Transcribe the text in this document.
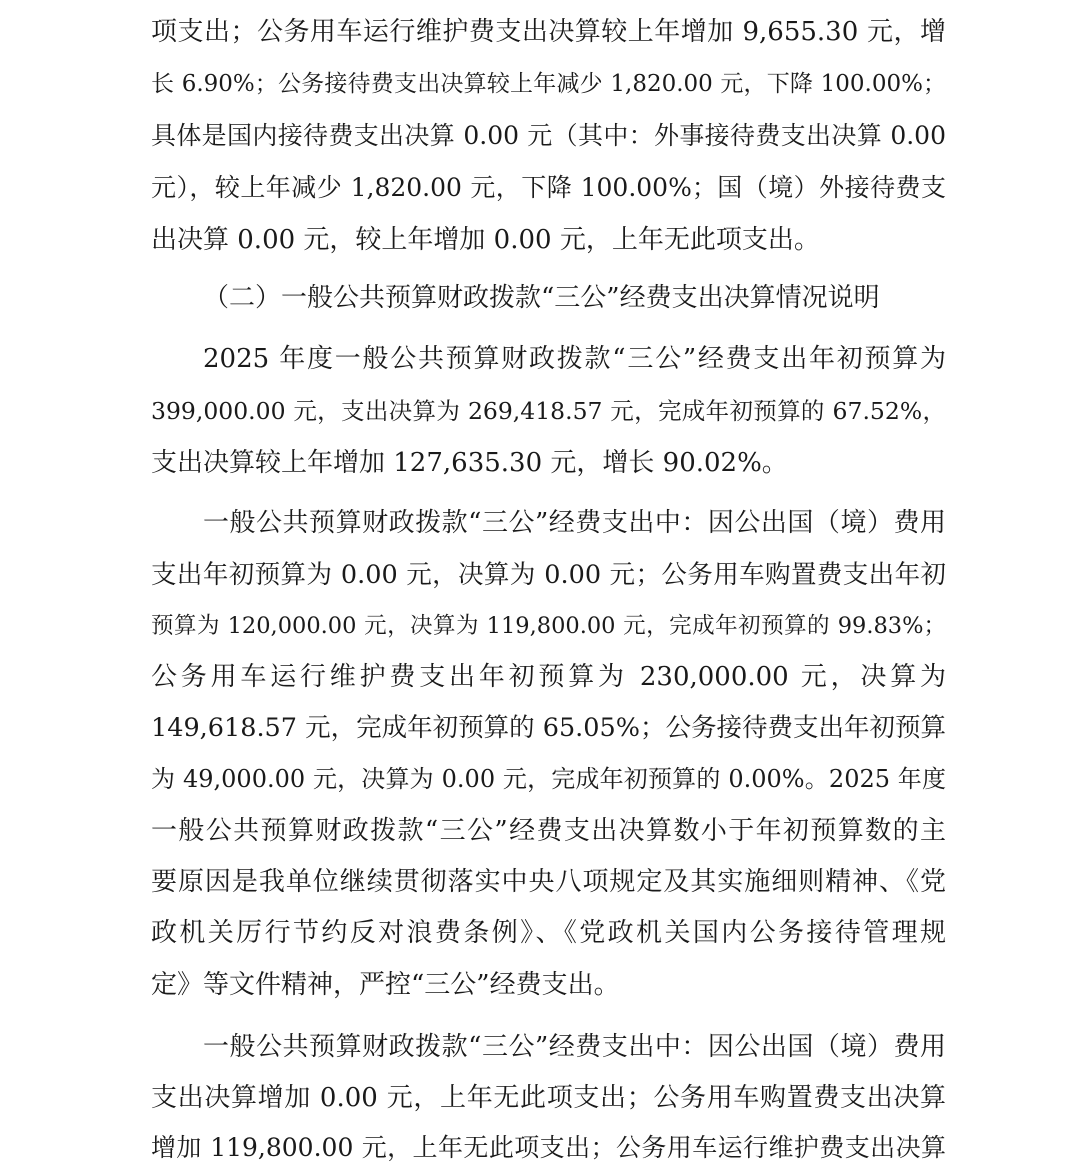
项支出；公务用车运行维护费支出决算较上年增加 9,655.30 元，增
长 6.90%；公务接待费支出决算较上年减少 1,820.00 元，下降 100.00%；
具体是国内接待费支出决算 0.00 元（其中：外事接待费支出决算 0.00
元），较上年减少 1,820.00 元，下降 100.00%；国（境）外接待费支
出决算 0.00 元，较上年增加 0.00 元，上年无此项支出。
（二）一般公共预算财政拨款“三公”经费支出决算情况说明
2025 年度一般公共预算财政拨款“三公”经费支出年初预算为
399,000.00 元，支出决算为 269,418.57 元，完成年初预算的 67.52%，
支出决算较上年增加 127,635.30 元，增长 90.02%。
一般公共预算财政拨款“三公”经费支出中：因公出国（境）费用
支出年初预算为 0.00 元，决算为 0.00 元；公务用车购置费支出年初
预算为 120,000.00 元，决算为 119,800.00 元，完成年初预算的 99.83%；
公务用车运行维护费支出年初预算为 230,000.00 元，决算为
149,618.57 元，完成年初预算的 65.05%；公务接待费支出年初预算
为 49,000.00 元，决算为 0.00 元，完成年初预算的 0.00%。2025 年度
一般公共预算财政拨款“三公”经费支出决算数小于年初预算数的主
要原因是我单位继续贯彻落实中央八项规定及其实施细则精神、《党
政机关厉行节约反对浪费条例》、《党政机关国内公务接待管理规
定》等文件精神，严控“三公”经费支出。
一般公共预算财政拨款“三公”经费支出中：因公出国（境）费用
支出决算增加 0.00 元，上年无此项支出；公务用车购置费支出决算
增加 119,800.00 元，上年无此项支出；公务用车运行维护费支出决算
